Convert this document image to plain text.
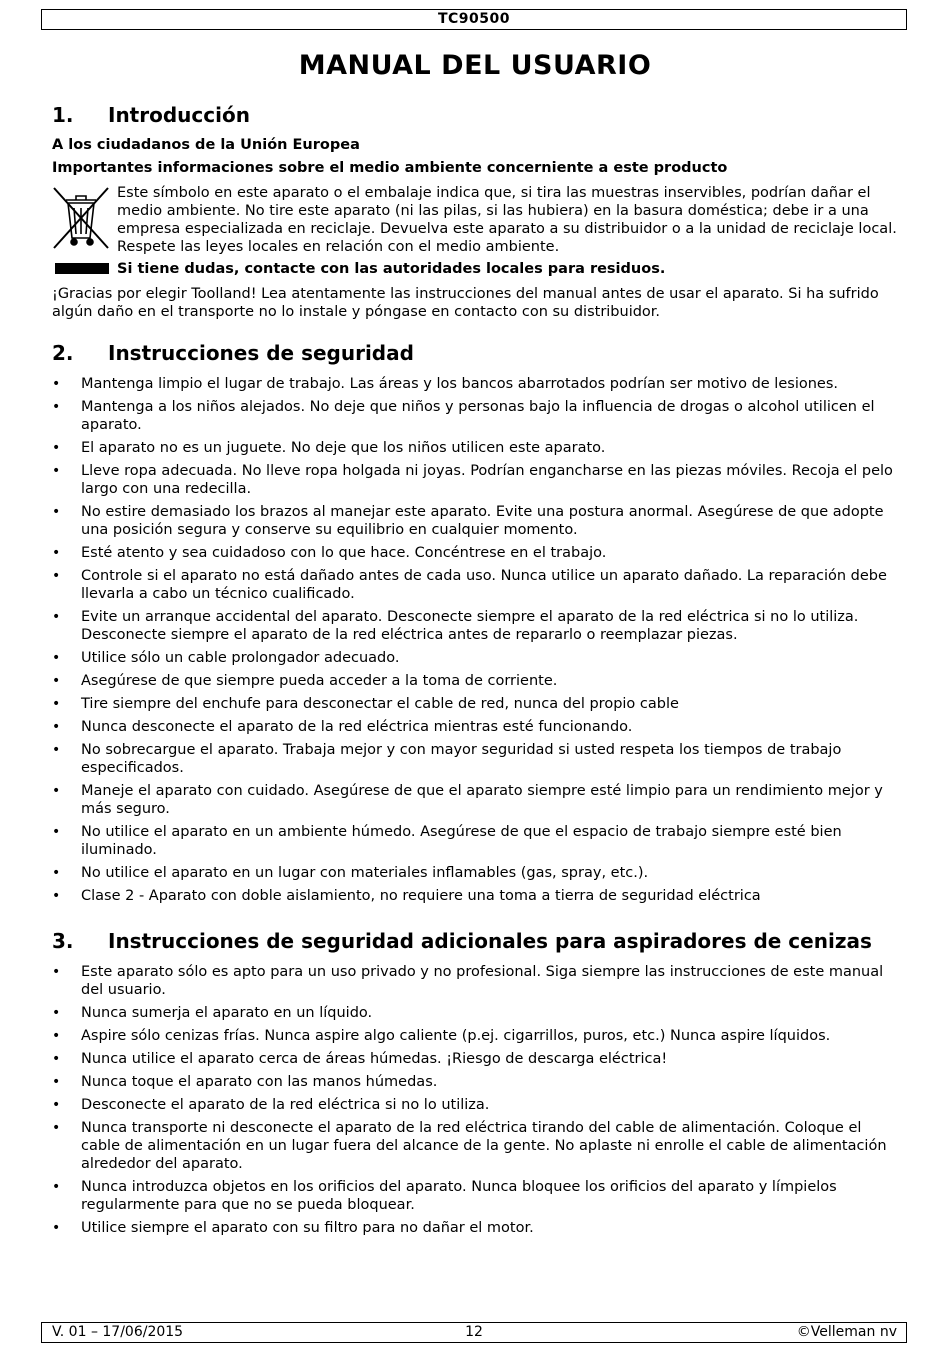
TC90500
MANUAL DEL USUARIO
1. Introducción
A los ciudadanos de la Unión Europea
Importantes informaciones sobre el medio ambiente concerniente a este producto
Este símbolo en este aparato o el embalaje indica que, si tira las muestras inservibles, podrían dañar el medio ambiente. No tire este aparato (ni las pilas, si las hubiera) en la basura doméstica; debe ir a una empresa especializada en reciclaje. Devuelva este aparato a su distribuidor o a la unidad de reciclaje local. Respete las leyes locales en relación con el medio ambiente.
Si tiene dudas, contacte con las autoridades locales para residuos.
¡Gracias por elegir Toolland! Lea atentamente las instrucciones del manual antes de usar el aparato. Si ha sufrido algún daño en el transporte no lo instale y póngase en contacto con su distribuidor.
2. Instrucciones de seguridad
• Mantenga limpio el lugar de trabajo. Las áreas y los bancos abarrotados podrían ser motivo de lesiones.
• Mantenga a los niños alejados. No deje que niños y personas bajo la influencia de drogas o alcohol utilicen el aparato.
• El aparato no es un juguete. No deje que los niños utilicen este aparato.
• Lleve ropa adecuada. No lleve ropa holgada ni joyas. Podrían engancharse en las piezas móviles. Recoja el pelo largo con una redecilla.
• No estire demasiado los brazos al manejar este aparato. Evite una postura anormal. Asegúrese de que adopte una posición segura y conserve su equilibrio en cualquier momento.
• Esté atento y sea cuidadoso con lo que hace. Concéntrese en el trabajo.
• Controle si el aparato no está dañado antes de cada uso. Nunca utilice un aparato dañado. La reparación debe llevarla a cabo un técnico cualificado.
• Evite un arranque accidental del aparato. Desconecte siempre el aparato de la red eléctrica si no lo utiliza. Desconecte siempre el aparato de la red eléctrica antes de repararlo o reemplazar piezas.
• Utilice sólo un cable prolongador adecuado.
• Asegúrese de que siempre pueda acceder a la toma de corriente.
• Tire siempre del enchufe para desconectar el cable de red, nunca del propio cable
• Nunca desconecte el aparato de la red eléctrica mientras esté funcionando.
• No sobrecargue el aparato. Trabaja mejor y con mayor seguridad si usted respeta los tiempos de trabajo especificados.
• Maneje el aparato con cuidado. Asegúrese de que el aparato siempre esté limpio para un rendimiento mejor y más seguro.
• No utilice el aparato en un ambiente húmedo. Asegúrese de que el espacio de trabajo siempre esté bien iluminado.
• No utilice el aparato en un lugar con materiales inflamables (gas, spray, etc.).
• Clase 2 - Aparato con doble aislamiento, no requiere una toma a tierra de seguridad eléctrica
3. Instrucciones de seguridad adicionales para aspiradores de cenizas
• Este aparato sólo es apto para un uso privado y no profesional. Siga siempre las instrucciones de este manual del usuario.
• Nunca sumerja el aparato en un líquido.
• Aspire sólo cenizas frías. Nunca aspire algo caliente (p.ej. cigarrillos, puros, etc.) Nunca aspire líquidos.
• Nunca utilice el aparato cerca de áreas húmedas. ¡Riesgo de descarga eléctrica!
• Nunca toque el aparato con las manos húmedas.
• Desconecte el aparato de la red eléctrica si no lo utiliza.
• Nunca transporte ni desconecte el aparato de la red eléctrica tirando del cable de alimentación. Coloque el cable de alimentación en un lugar fuera del alcance de la gente. No aplaste ni enrolle el cable de alimentación alrededor del aparato.
• Nunca introduzca objetos en los orificios del aparato. Nunca bloquee los orificios del aparato y límpielos regularmente para que no se pueda bloquear.
• Utilice siempre el aparato con su filtro para no dañar el motor.
V. 01 – 17/06/2015	12	©Velleman nv
